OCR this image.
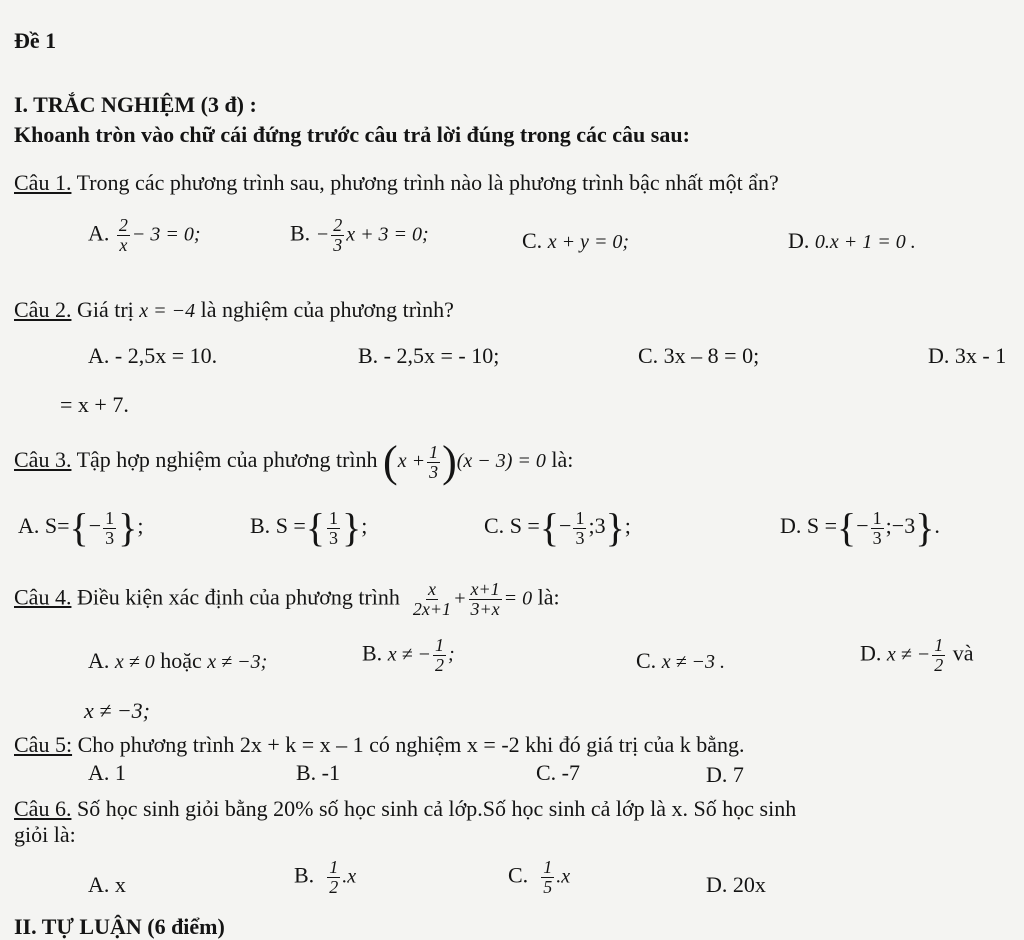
Đề 1
I. TRẮC NGHIỆM (3 đ) :
Khoanh tròn vào chữ cái đứng trước câu trả lời đúng trong các câu sau:
Câu 1. Trong các phương trình sau, phương trình nào là phương trình bậc nhất một ẩn?
A. $\frac{2}{x} - 3 = 0$;	B. − $\frac{2}{3}$ x + 3 = 0;	C. x + y = 0;	D. 0.x + 1 = 0 .
Câu 2. Giá trị x = −4 là nghiệm của phương trình?
A. - 2,5x = 10.	B. - 2,5x = - 10;	C. 3x – 8 = 0;	D. 3x - 1
= x + 7.
Câu 3. Tập hợp nghiệm của phương trình $(x + \frac{1}{3} )(x - 3) = 0$ là:
A. $S=\{- \frac{1}{3}$ };	B. S ={ $\frac{1}{3}$ };	C. S ={− $\frac{1}{3}$ ;3};	D. S ={− $\frac{1}{3}$ ;−3}.
Câu 4. Điều kiện xác định của phương trình $\frac{x}{2x+1} + \frac{x+1}{3+x} = 0$ là:
A. x ≠ 0 hoặc x ≠ −3;	B. x ≠ − $\frac{1}{2}$ ;	C. x ≠ −3 .	D. x ≠ − $\frac{1}{2}$ và
x ≠ −3;
Câu 5: Cho phương trình 2x + k = x – 1 có nghiệm x = -2 khi đó giá trị của k bằng.
A. 1	B. -1	C. -7	D. 7
Câu 6. Số học sinh giỏi bằng 20% số học sinh cả lớp.Số học sinh cả lớp là x. Số học sinh
giỏi là:
A. x	B. $\frac{1}{2} .x$	C. $\frac{1}{5} .x$	D. 20x
II. TỰ LUẬN (6 điểm)
